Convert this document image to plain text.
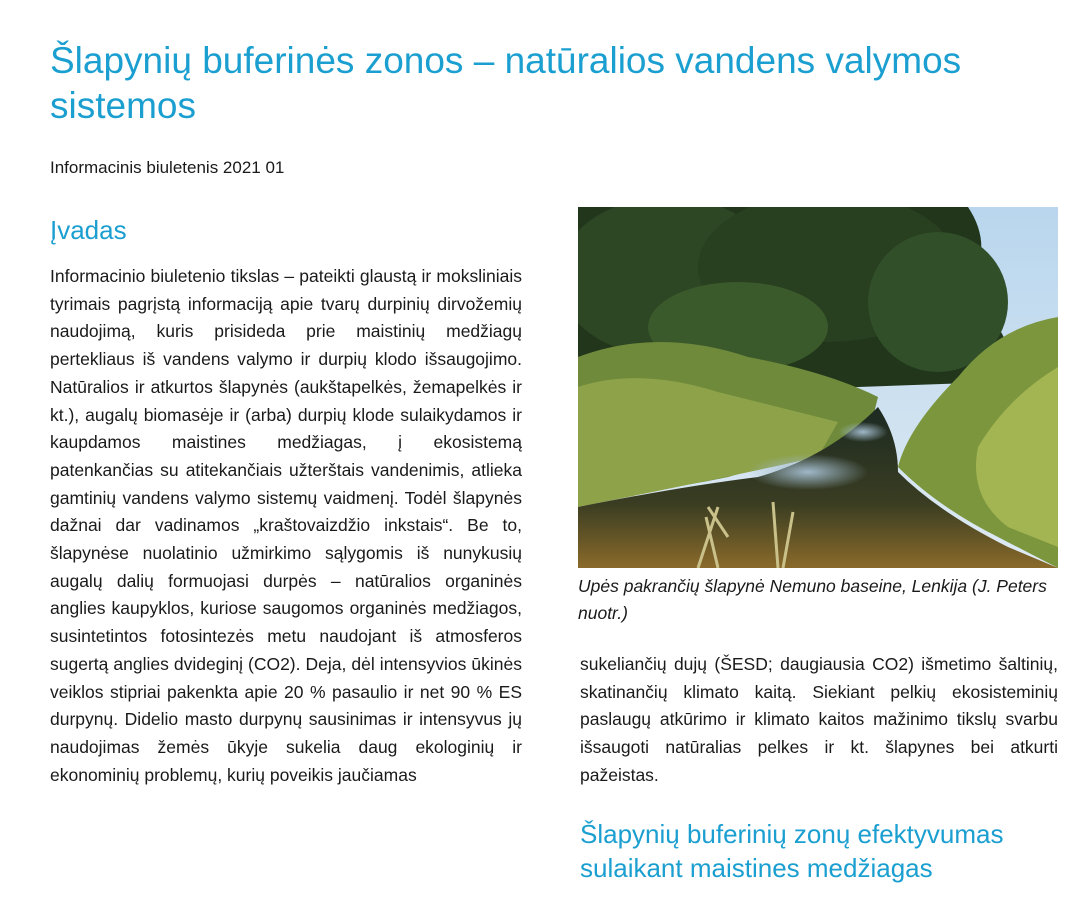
Šlapynių buferinės zonos – natūralios vandens valymos sistemos
Informacinis biuletenis 2021 01
Įvadas

Informacinio biuletenio tikslas – pateikti glaustą ir moksliniais tyrimais pagrįstą informaciją apie tvarų durpinių dirvožemių naudojimą, kuris prisideda prie maistinių medžiagų pertekliaus iš vandens valymo ir durpių klodo išsaugojimo. Natūralios ir atkurtos šlapynės (aukštapelkės, žemapelkės ir kt.), augalų biomasėje ir (arba) durpių klode sulaikydamos ir kaupdamos maistines medžiagas, į ekosistemą patenkančias su atitekančiais užterštais vandenimis, atlieka gamtinių vandens valymo sistemų vaidmenį. Todėl šlapynės dažnai dar vadinamos „kraštovaizdžio inkstais“. Be to, šlapynėse nuolatinio užmirkimo sąlygomis iš nunykusių augalų dalių formuojasi durpės – natūralios organinės anglies kaupyklos, kuriose saugomos organinės medžiagos, susintetintos fotosintezės metu naudojant iš atmosferos sugertą anglies dvideginį (CO2). Deja, dėl intensyvios ūkinės veiklos stipriai pakenkta apie 20 % pasaulio ir net 90 % ES durpynų. Didelio masto durpynų sausinimas ir intensyvus jų naudojimas žemės ūkyje sukelia daug ekologinių ir ekonominių problemų, kurių poveikis jaučiamas

Upės pakrančių šlapynė Nemuno baseine, Lenkija (J. Peters nuotr.)

sukeliančių dujų (ŠESD; daugiausia CO2) išmetimo šaltinių, skatinančių klimato kaitą. Siekiant pelkių ekosisteminių paslaugų atkūrimo ir klimato kaitos mažinimo tikslų svarbu išsaugoti natūralias pelkes ir kt. šlapynes bei atkurti pažeistas.

Šlapynių buferinių zonų efektyvumas sulaikant maistines medžiagas
